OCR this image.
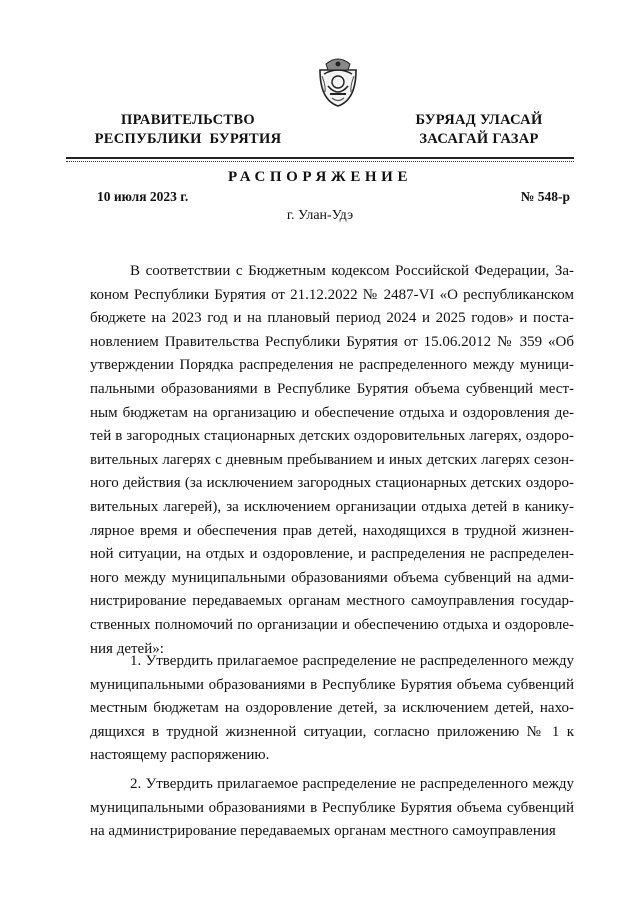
ПРАВИТЕЛЬСТВО
РЕСПУБЛИКИ  БУРЯТИЯ
БУРЯАД УЛАСАЙ
ЗАСАГАЙ ГАЗАР
РАСПОРЯЖЕНИЕ
10 июля 2023 г.	№ 548-р
г. Улан-Удэ
В соответствии с Бюджетным кодексом Российской Федерации, За-
коном Республики Бурятия от 21.12.2022 № 2487-VI «О республиканском
бюджете на 2023 год и на плановый период 2024 и 2025 годов» и поста-
новлением Правительства Республики Бурятия от 15.06.2012 № 359 «Об
утверждении Порядка распределения не распределенного между муници-
пальными образованиями в Республике Бурятия объема субвенций мест-
ным бюджетам на организацию и обеспечение отдыха и оздоровления де-
тей в загородных стационарных детских оздоровительных лагерях, оздоро-
вительных лагерях с дневным пребыванием и иных детских лагерях сезон-
ного действия (за исключением загородных стационарных детских оздоро-
вительных лагерей), за исключением организации отдыха детей в канику-
лярное время и обеспечения прав детей, находящихся в трудной жизнен-
ной ситуации, на отдых и оздоровление, и распределения не распределен-
ного между муниципальными образованиями объема субвенций на адми-
нистрирование передаваемых органам местного самоуправления государ-
ственных полномочий по организации и обеспечению отдыха и оздоровле-
ния детей»:
1. Утвердить прилагаемое распределение не распределенного между
муниципальными образованиями в Республике Бурятия объема субвенций
местным бюджетам на оздоровление детей, за исключением детей, нахо-
дящихся в трудной жизненной ситуации, согласно приложению № 1 к
настоящему распоряжению.
2. Утвердить прилагаемое распределение не распределенного между
муниципальными образованиями в Республике Бурятия объема субвенций
на администрирование передаваемых органам местного самоуправления
